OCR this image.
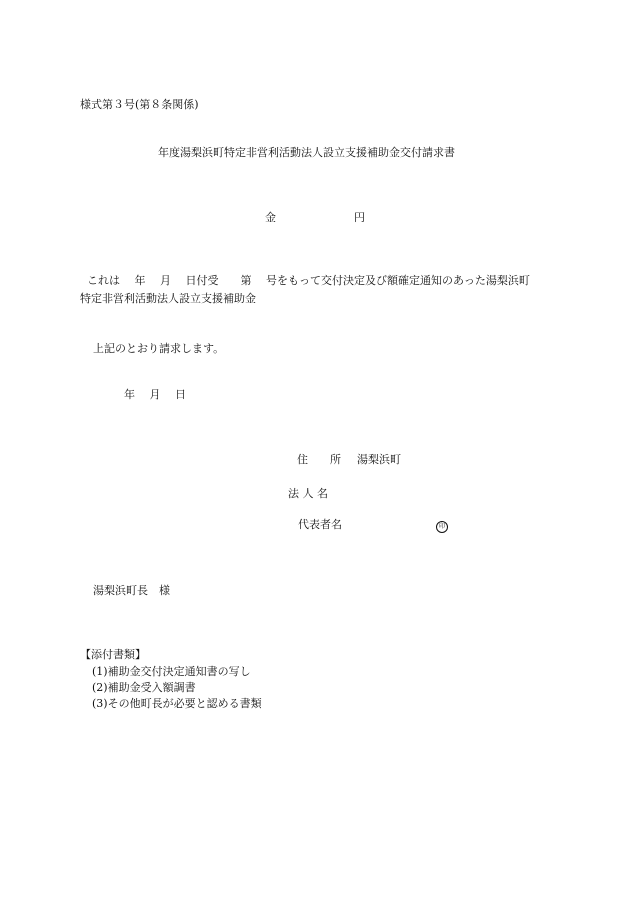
様式第３号(第８条関係)
年度湯梨浜町特定非営利活動法人設立支援補助金交付請求書
金	円
これは　 年　 月　 日付受　　第　 号をもって交付決定及び額確定通知のあった湯梨浜町
特定非営利活動法人設立支援補助金
上記のとおり請求します。
年　 月　 日
住　　所 湯梨浜町
法 人 名
代表者名	印
湯梨浜町長　様
【添付書類】
(1)補助金交付決定通知書の写し
(2)補助金受入額調書
(3)その他町長が必要と認める書類
